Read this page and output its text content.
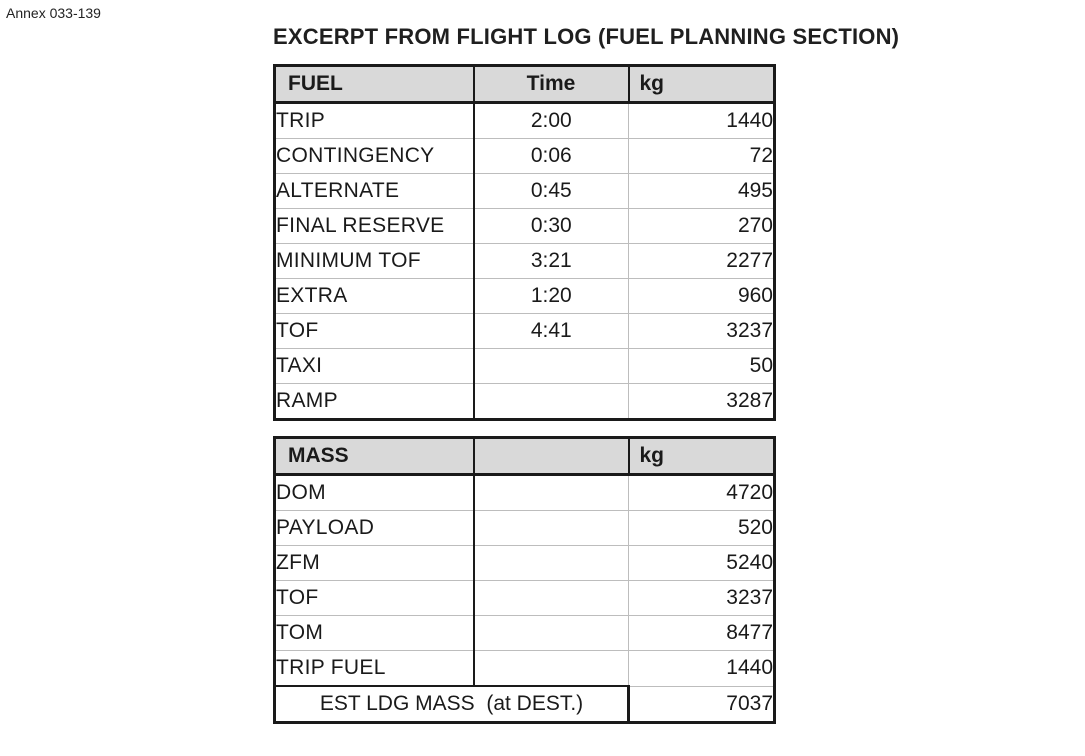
Annex 033-139
EXCERPT FROM FLIGHT LOG (FUEL PLANNING SECTION)
FUEL	Time	kg
TRIP	2:00	1440
CONTINGENCY	0:06	72
ALTERNATE	0:45	495
FINAL RESERVE	0:30	270
MINIMUM TOF	3:21	2277
EXTRA	1:20	960
TOF	4:41	3237
TAXI		50
RAMP		3287
MASS		kg
DOM		4720
PAYLOAD		520
ZFM		5240
TOF		3237
TOM		8477
TRIP FUEL		1440
EST LDG MASS  (at DEST.)		7037
